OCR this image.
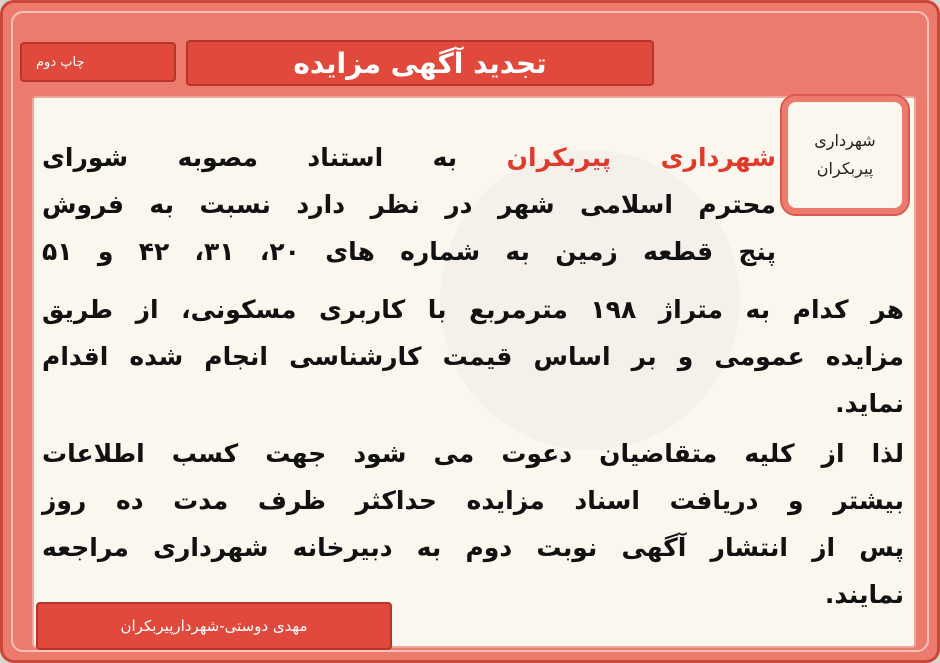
چاپ دوم	تجدید آگهی مزایده
شهرداری
پیربکران
شهرداری پیربکران به استناد مصوبه شورای
محترم اسلامی شهر در نظر دارد نسبت به فروش
پنج قطعه زمین به شماره های ۲۰، ۳۱، ۴۲ و ۵۱
هر کدام به متراژ ۱۹۸ مترمربع با کاربری مسکونی، از طریق
مزایده عمومی و بر اساس قیمت کارشناسی انجام شده اقدام
نماید.
لذا از کلیه متقاضیان دعوت می شود جهت کسب اطلاعات
بیشتر و دریافت اسناد مزایده حداکثر ظرف مدت ده روز
پس از انتشار آگهی نوبت دوم به دبیرخانه شهرداری مراجعه
نمایند.
مهدی دوستی-شهردارپیربکران
